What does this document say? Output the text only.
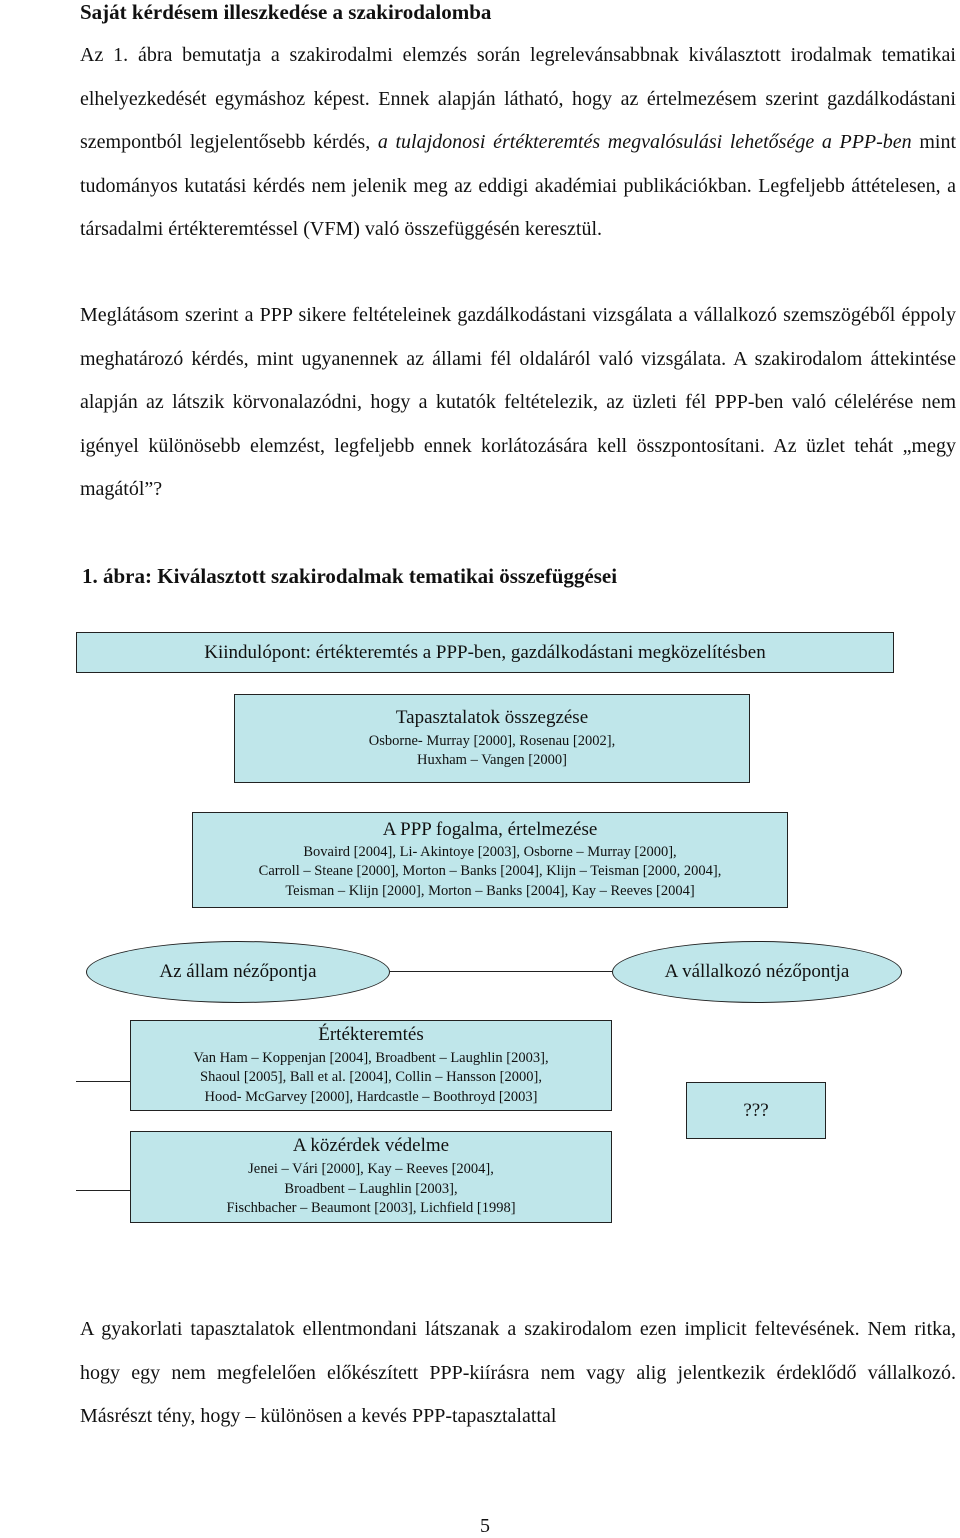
Saját kérdésem illeszkedése a szakirodalomba

Az 1. ábra bemutatja a szakirodalmi elemzés során legrelevánsabbnak kiválasztott irodalmak tematikai elhelyezkedését egymáshoz képest. Ennek alapján látható, hogy az értelmezésem szerint gazdálkodástani szempontból legjelentősebb kérdés, a tulajdonosi értékteremtés megvalósulási lehetősége a PPP-ben mint tudományos kutatási kérdés nem jelenik meg az eddigi akadémiai publikációkban. Legfeljebb áttételesen, a társadalmi értékteremtéssel (VFM) való összefüggésén keresztül.

Meglátásom szerint a PPP sikere feltételeinek gazdálkodástani vizsgálata a vállalkozó szemszögéből éppoly meghatározó kérdés, mint ugyanennek az állami fél oldaláról való vizsgálata. A szakirodalom áttekintése alapján az látszik körvonalazódni, hogy a kutatók feltételezik, az üzleti fél PPP-ben való célelérése nem igényel különösebb elemzést, legfeljebb ennek korlátozására kell összpontosítani. Az üzlet tehát „megy magától”?

1. ábra: Kiválasztott szakirodalmak tematikai összefüggései
Kiindulópont: értékteremtés a PPP-ben, gazdálkodástani megközelítésben
Tapasztalatok összegzése
Osborne- Murray [2000], Rosenau [2002],
Huxham – Vangen [2000]
A PPP fogalma, értelmezése
Bovaird [2004], Li- Akintoye [2003], Osborne – Murray [2000],
Carroll – Steane [2000], Morton – Banks [2004], Klijn – Teisman [2000, 2004],
Teisman – Klijn [2000], Morton – Banks [2004], Kay – Reeves [2004]
Az állam nézőpontja	A vállalkozó nézőpontja
Értékteremtés
Van Ham – Koppenjan [2004], Broadbent – Laughlin [2003],
Shaoul [2005], Ball et al. [2004], Collin – Hansson [2000],
Hood- McGarvey [2000], Hardcastle – Boothroyd [2003]
???
A közérdek védelme
Jenei – Vári [2000], Kay – Reeves [2004],
Broadbent – Laughlin [2003],
Fischbacher – Beaumont [2003], Lichfield [1998]

A gyakorlati tapasztalatok ellentmondani látszanak a szakirodalom ezen implicit feltevésének. Nem ritka, hogy egy nem megfelelően előkészített PPP-kiírásra nem vagy alig jelentkezik érdeklődő vállalkozó. Másrészt tény, hogy – különösen a kevés PPP-tapasztalattal

5
